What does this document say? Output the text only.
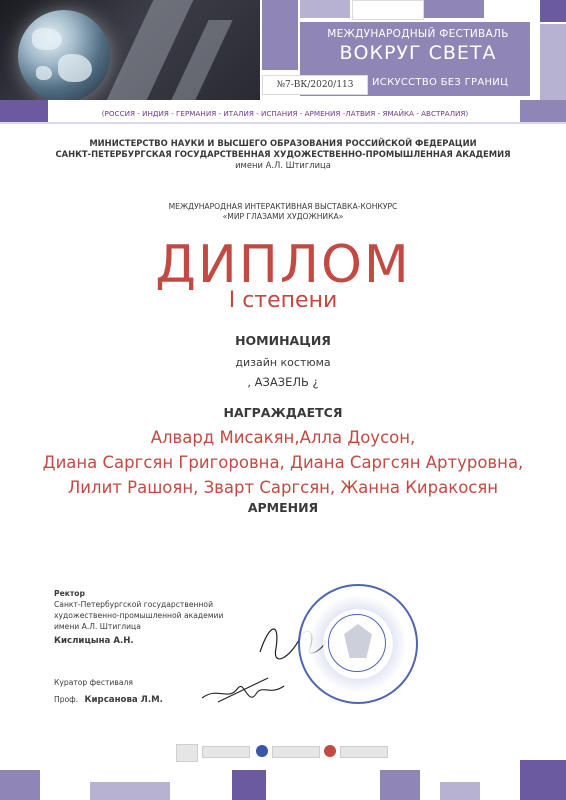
МЕЖДУНАРОДНЫЙ ФЕСТИВАЛЬ
ВОКРУГ СВЕТА
№7-ВК/2020/113	ИСКУССТВО БЕЗ ГРАНИЦ
(РОССИЯ - ИНДИЯ - ГЕРМАНИЯ - ИТАЛИЯ - ИСПАНИЯ - АРМЕНИЯ -ЛАТВИЯ - ЯМАЙКА - АВСТРАЛИЯ)
МИНИСТЕРСТВО НАУКИ И ВЫСШЕГО ОБРАЗОВАНИЯ РОССИЙСКОЙ ФЕДЕРАЦИИ
САНКТ-ПЕТЕРБУРГСКАЯ ГОСУДАРСТВЕННАЯ ХУДОЖЕСТВЕННО-ПРОМЫШЛЕННАЯ АКАДЕМИЯ
имени А.Л. Штиглица
МЕЖДУНАРОДНАЯ ИНТЕРАКТИВНАЯ ВЫСТАВКА-КОНКУРС
«МИР ГЛАЗАМИ ХУДОЖНИКА»
ДИПЛОМ
I степени
НОМИНАЦИЯ
дизайн костюма
, АЗАЗЕЛЬ ¿
НАГРАЖДАЕТСЯ
Алвард Мисакян,Алла Доусон,
Диана Саргсян Григоровна, Диана Саргсян Артуровна,
Лилит Рашоян, Зварт Саргсян, Жанна Киракосян
АРМЕНИЯ
Ректор
Санкт-Петербургской государственной
художественно-промышленной академии
имени А.Л. Штиглица
Кислицына А.Н.
Куратор фестиваля
Проф. Кирсанова Л.М.
